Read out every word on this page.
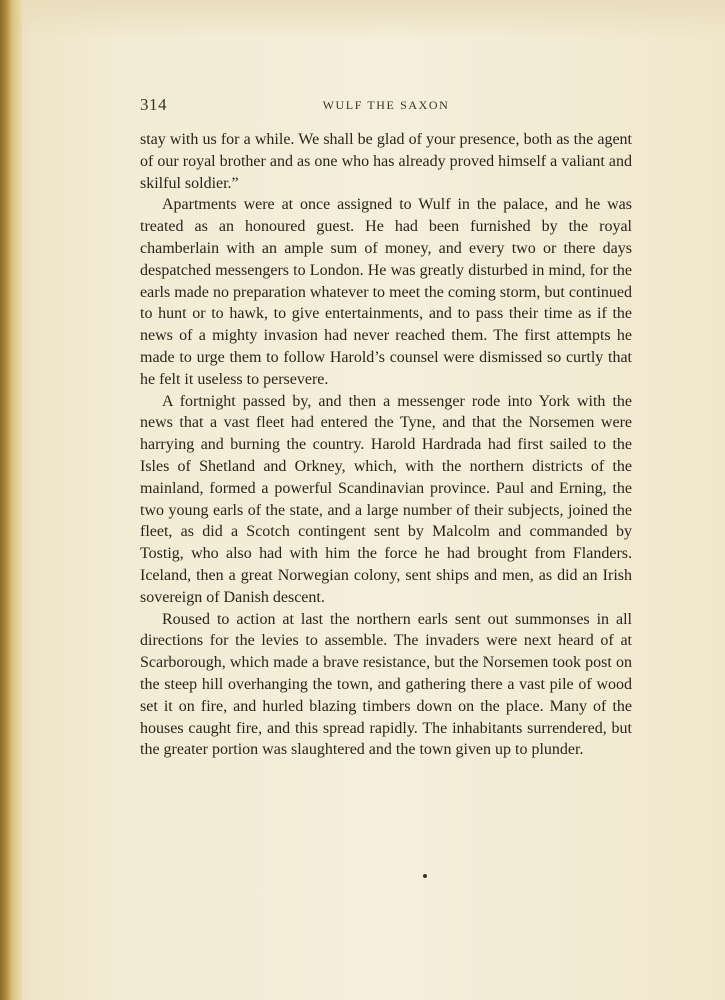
314	WULF THE SAXON

stay with us for a while. We shall be glad of your presence, both as the agent of our royal brother and as one who has already proved himself a valiant and skilful soldier.”

Apartments were at once assigned to Wulf in the palace, and he was treated as an honoured guest. He had been furnished by the royal chamberlain with an ample sum of money, and every two or there days despatched messengers to London. He was greatly disturbed in mind, for the earls made no preparation whatever to meet the coming storm, but continued to hunt or to hawk, to give entertainments, and to pass their time as if the news of a mighty invasion had never reached them. The first attempts he made to urge them to follow Harold’s counsel were dismissed so curtly that he felt it useless to persevere.

A fortnight passed by, and then a messenger rode into York with the news that a vast fleet had entered the Tyne, and that the Norsemen were harrying and burning the country. Harold Hardrada had first sailed to the Isles of Shetland and Orkney, which, with the northern districts of the mainland, formed a powerful Scandinavian province. Paul and Erning, the two young earls of the state, and a large number of their subjects, joined the fleet, as did a Scotch contingent sent by Malcolm and commanded by Tostig, who also had with him the force he had brought from Flanders. Iceland, then a great Norwegian colony, sent ships and men, as did an Irish sovereign of Danish descent.

Roused to action at last the northern earls sent out summonses in all directions for the levies to assemble. The invaders were next heard of at Scarborough, which made a brave resistance, but the Norsemen took post on the steep hill overhanging the town, and gathering there a vast pile of wood set it on fire, and hurled blazing timbers down on the place. Many of the houses caught fire, and this spread rapidly. The inhabitants surrendered, but the greater portion was slaughtered and the town given up to plunder.
